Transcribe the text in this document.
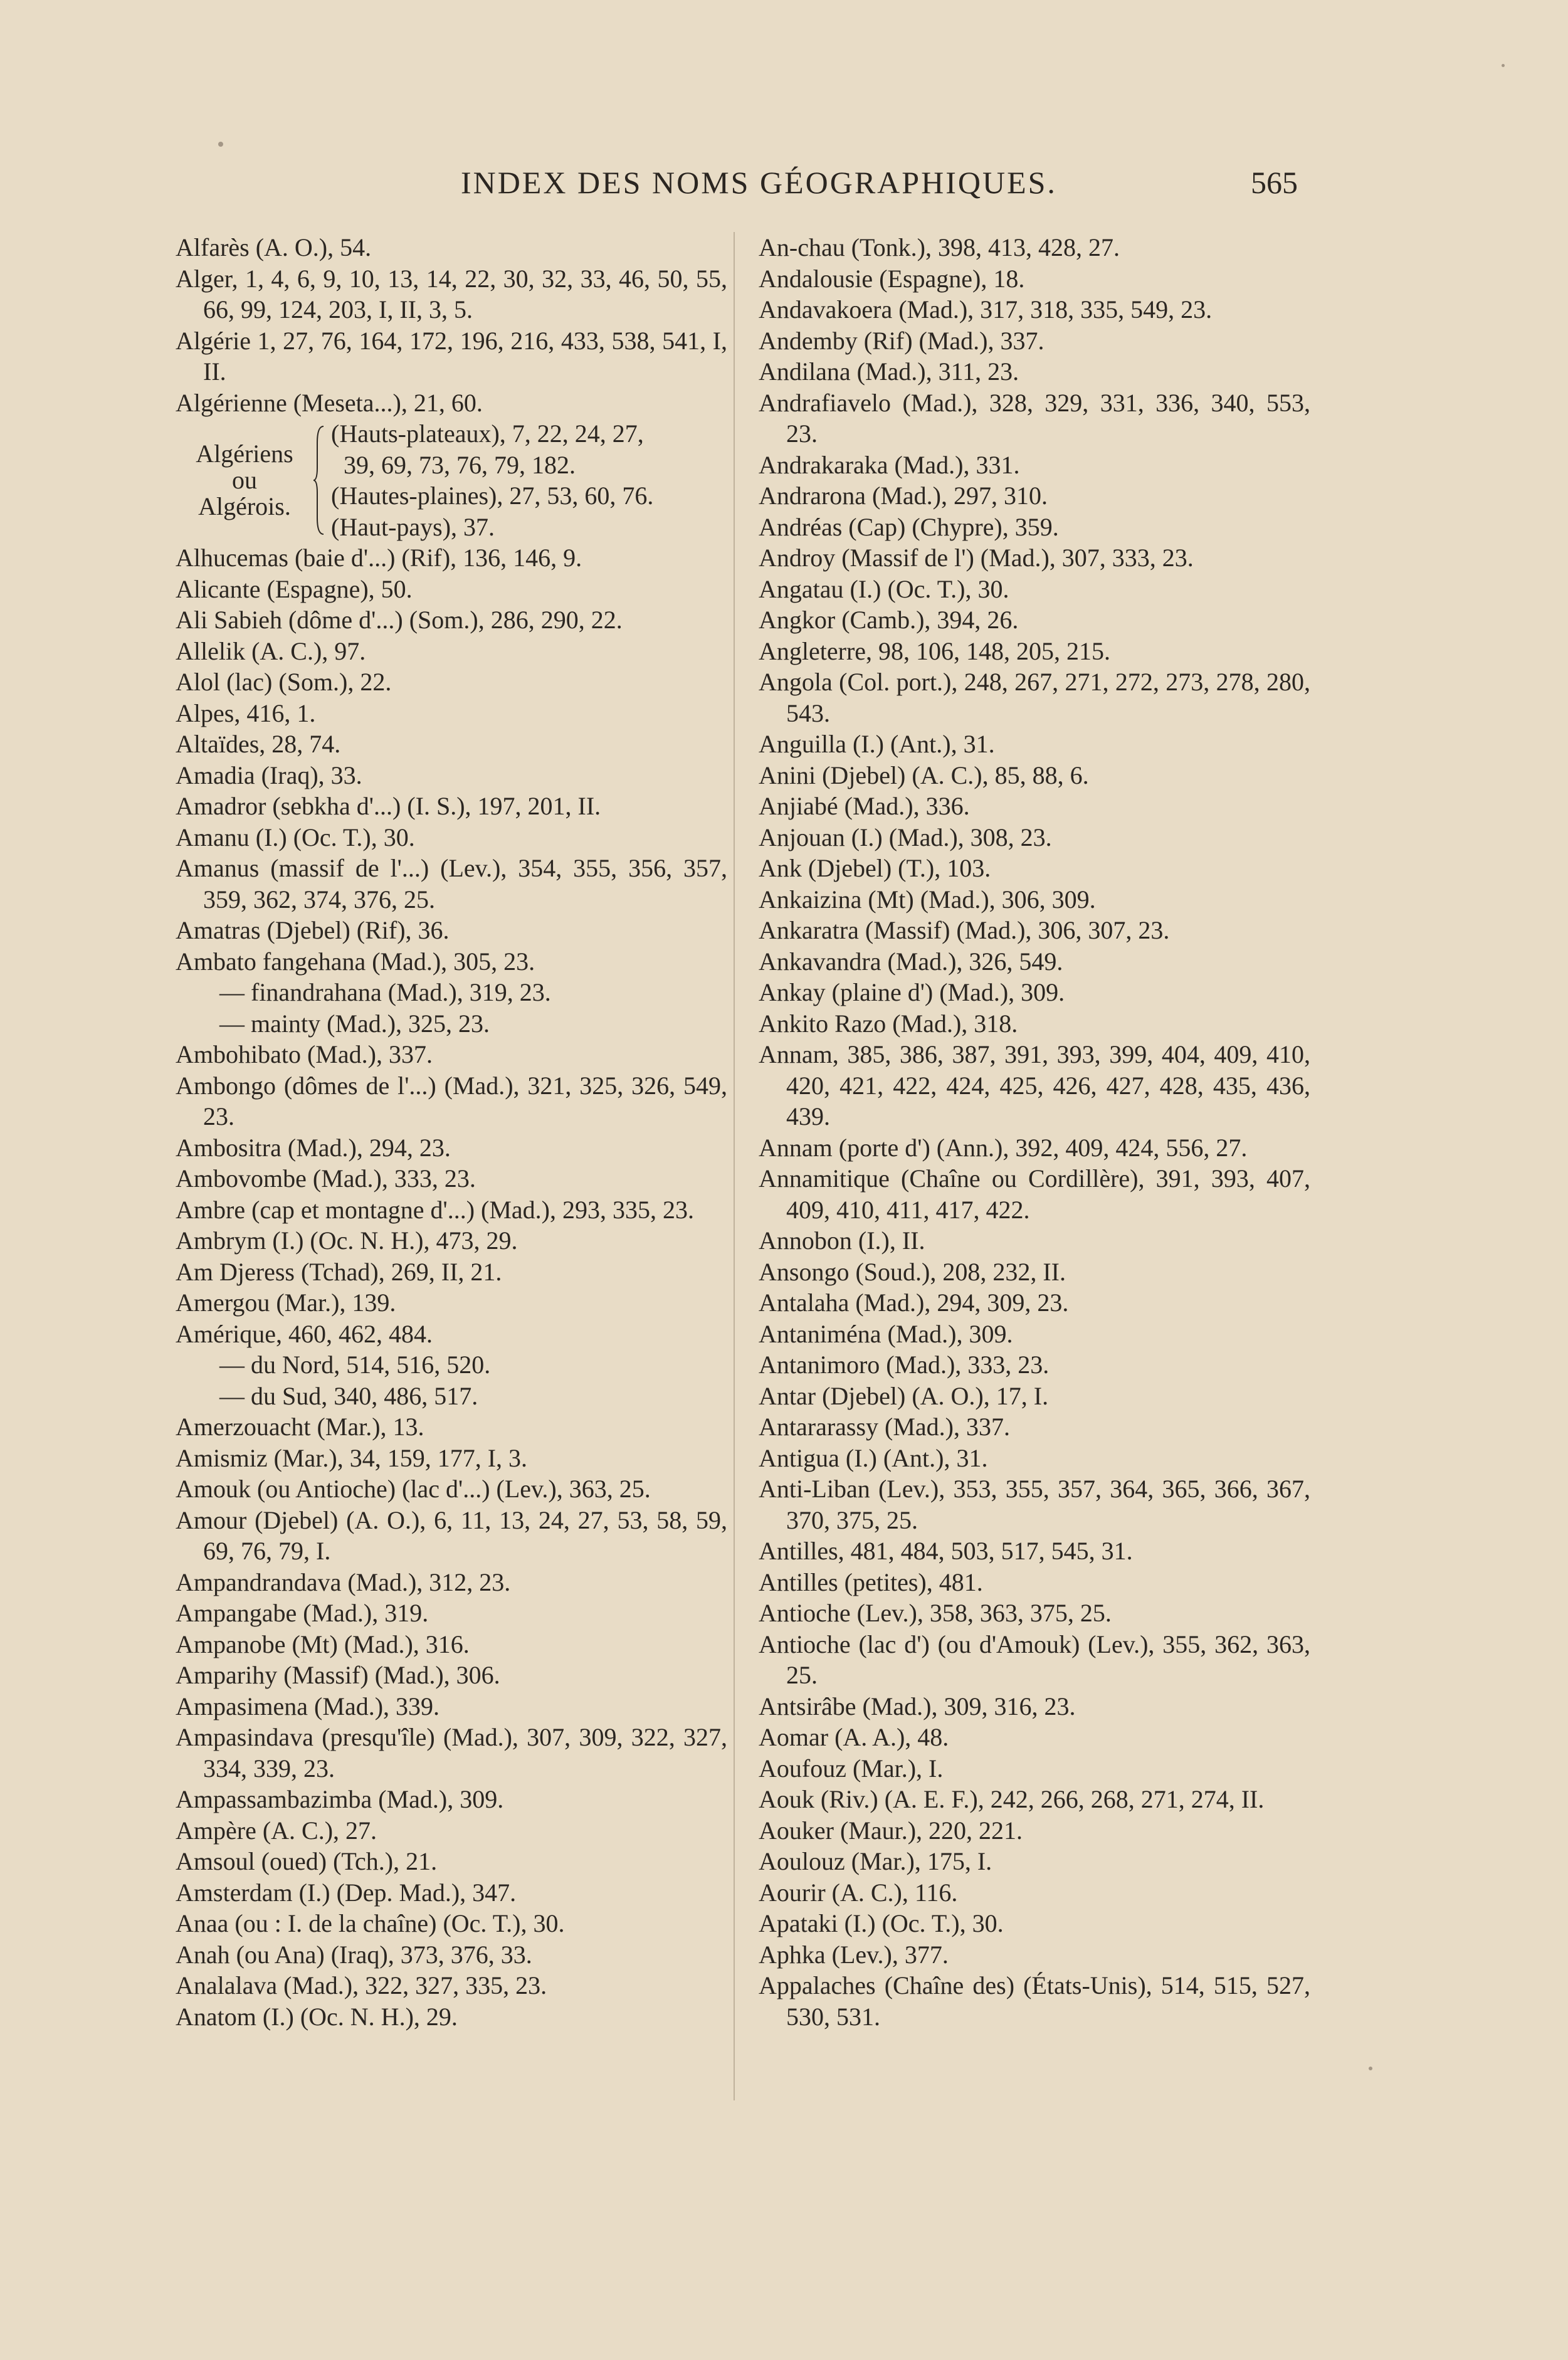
INDEX DES NOMS GÉOGRAPHIQUES.	565
Alfarès (A. O.), 54.
Alger, 1, 4, 6, 9, 10, 13, 14, 22, 30, 32, 33, 46, 50, 55, 66, 99, 124, 203, I, II, 3, 5.
Algérie 1, 27, 76, 164, 172, 196, 216, 433, 538, 541, I, II.
Algérienne (Meseta...), 21, 60.
Algériens
ou
Algérois.
(Hauts-plateaux), 7, 22, 24, 27,
39, 69, 73, 76, 79, 182.
(Hautes-plaines), 27, 53, 60, 76.
(Haut-pays), 37.
Alhucemas (baie d'...) (Rif), 136, 146, 9.
Alicante (Espagne), 50.
Ali Sabieh (dôme d'...) (Som.), 286, 290, 22.
Allelik (A. C.), 97.
Alol (lac) (Som.), 22.
Alpes, 416, 1.
Altaïdes, 28, 74.
Amadia (Iraq), 33.
Amadror (sebkha d'...) (I. S.), 197, 201, II.
Amanu (I.) (Oc. T.), 30.
Amanus (massif de l'...) (Lev.), 354, 355, 356, 357, 359, 362, 374, 376, 25.
Amatras (Djebel) (Rif), 36.
Ambato fangehana (Mad.), 305, 23.
— finandrahana (Mad.), 319, 23.
— mainty (Mad.), 325, 23.
Ambohibato (Mad.), 337.
Ambongo (dômes de l'...) (Mad.), 321, 325, 326, 549, 23.
Ambositra (Mad.), 294, 23.
Ambovombe (Mad.), 333, 23.
Ambre (cap et montagne d'...) (Mad.), 293, 335, 23.
Ambrym (I.) (Oc. N. H.), 473, 29.
Am Djeress (Tchad), 269, II, 21.
Amergou (Mar.), 139.
Amérique, 460, 462, 484.
— du Nord, 514, 516, 520.
— du Sud, 340, 486, 517.
Amerzouacht (Mar.), 13.
Amismiz (Mar.), 34, 159, 177, I, 3.
Amouk (ou Antioche) (lac d'...) (Lev.), 363, 25.
Amour (Djebel) (A. O.), 6, 11, 13, 24, 27, 53, 58, 59, 69, 76, 79, I.
Ampandrandava (Mad.), 312, 23.
Ampangabe (Mad.), 319.
Ampanobe (Mt) (Mad.), 316.
Amparihy (Massif) (Mad.), 306.
Ampasimena (Mad.), 339.
Ampasindava (presqu'île) (Mad.), 307, 309, 322, 327, 334, 339, 23.
Ampassambazimba (Mad.), 309.
Ampère (A. C.), 27.
Amsoul (oued) (Tch.), 21.
Amsterdam (I.) (Dep. Mad.), 347.
Anaa (ou : I. de la chaîne) (Oc. T.), 30.
Anah (ou Ana) (Iraq), 373, 376, 33.
Analalava (Mad.), 322, 327, 335, 23.
Anatom (I.) (Oc. N. H.), 29.
An-chau (Tonk.), 398, 413, 428, 27.
Andalousie (Espagne), 18.
Andavakoera (Mad.), 317, 318, 335, 549, 23.
Andemby (Rif) (Mad.), 337.
Andilana (Mad.), 311, 23.
Andrafiavelo (Mad.), 328, 329, 331, 336, 340, 553, 23.
Andrakaraka (Mad.), 331.
Andrarona (Mad.), 297, 310.
Andréas (Cap) (Chypre), 359.
Androy (Massif de l') (Mad.), 307, 333, 23.
Angatau (I.) (Oc. T.), 30.
Angkor (Camb.), 394, 26.
Angleterre, 98, 106, 148, 205, 215.
Angola (Col. port.), 248, 267, 271, 272, 273, 278, 280, 543.
Anguilla (I.) (Ant.), 31.
Anini (Djebel) (A. C.), 85, 88, 6.
Anjiabé (Mad.), 336.
Anjouan (I.) (Mad.), 308, 23.
Ank (Djebel) (T.), 103.
Ankaizina (Mt) (Mad.), 306, 309.
Ankaratra (Massif) (Mad.), 306, 307, 23.
Ankavandra (Mad.), 326, 549.
Ankay (plaine d') (Mad.), 309.
Ankito Razo (Mad.), 318.
Annam, 385, 386, 387, 391, 393, 399, 404, 409, 410, 420, 421, 422, 424, 425, 426, 427, 428, 435, 436, 439.
Annam (porte d') (Ann.), 392, 409, 424, 556, 27.
Annamitique (Chaîne ou Cordillère), 391, 393, 407, 409, 410, 411, 417, 422.
Annobon (I.), II.
Ansongo (Soud.), 208, 232, II.
Antalaha (Mad.), 294, 309, 23.
Antaniména (Mad.), 309.
Antanimoro (Mad.), 333, 23.
Antar (Djebel) (A. O.), 17, I.
Antararassy (Mad.), 337.
Antigua (I.) (Ant.), 31.
Anti-Liban (Lev.), 353, 355, 357, 364, 365, 366, 367, 370, 375, 25.
Antilles, 481, 484, 503, 517, 545, 31.
Antilles (petites), 481.
Antioche (Lev.), 358, 363, 375, 25.
Antioche (lac d') (ou d'Amouk) (Lev.), 355, 362, 363, 25.
Antsirâbe (Mad.), 309, 316, 23.
Aomar (A. A.), 48.
Aoufouz (Mar.), I.
Aouk (Riv.) (A. E. F.), 242, 266, 268, 271, 274, II.
Aouker (Maur.), 220, 221.
Aoulouz (Mar.), 175, I.
Aourir (A. C.), 116.
Apataki (I.) (Oc. T.), 30.
Aphka (Lev.), 377.
Appalaches (Chaîne des) (États-Unis), 514, 515, 527, 530, 531.
